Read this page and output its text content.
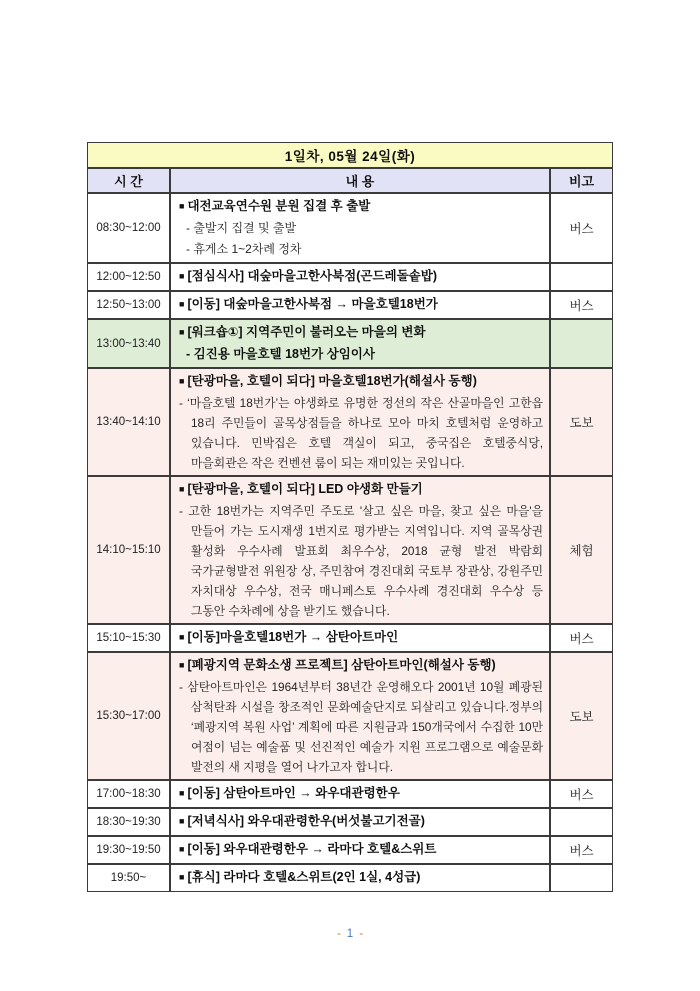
1일차, 05월 24일(화)		
시 간	내 용	비고
08:30~12:00	■ 대전교육연수원 분원 집결 후 출발
- 출발지 집결 및 출발
- 휴게소 1~2차례 정차	버스
12:00~12:50	■ [점심식사] 대숲마을고한사북점(곤드레돌솥밥)	

12:50~13:00	■ [이동] 대숲마을고한사북점 → 마을호텔18번가	버스
13:00~13:40	■ [워크숍①] 지역주민이 불러오는 마을의 변화
- 김진용 마을호텔 18번가 상임이사	

13:40~14:10	■ [탄광마을, 호텔이 되다] 마을호텔18번가(해설사 동행)
- ‘마을호텔 18번가’는 야생화로 유명한 정선의 작은 산골마을인 고한읍 18리 주민들이 골목상점들을 하나로 모아 마치 호텔처럼 운영하고 있습니다. 민박집은 호텔 객실이 되고, 중국집은 호텔중식당, 마을회관은 작은 컨벤션 룸이 되는 재미있는 곳입니다.	도보
14:10~15:10	■ [탄광마을, 호텔이 되다] LED 야생화 만들기
- 고한 18번가는 지역주민 주도로 '살고 싶은 마을, 찾고 싶은 마을'을 만들어 가는 도시재생 1번지로 평가받는 지역입니다. 지역 골목상권 활성화 우수사례 발표회 최우수상, 2018 균형 발전 박람회 국가균형발전 위원장 상, 주민참여 경진대회 국토부 장관상, 강원주민 자치대상 우수상, 전국 매니페스토 우수사례 경진대회 우수상 등 그동안 수차례에 상을 받기도 했습니다.	체험
15:10~15:30	■ [이동]마을호텔18번가 → 삼탄아트마인	버스
15:30~17:00	■ [폐광지역 문화소생 프로젝트] 삼탄아트마인(해설사 동행)
- 삼탄아트마인은 1964년부터 38년간 운영해오다 2001년 10월 폐광된 삼척탄좌 시설을 창조적인 문화예술단지로 되살리고 있습니다.정부의 ‘폐광지역 복원 사업’ 계획에 따른 지원금과 150개국에서 수집한 10만 여점이 넘는 예술품 및 선진적인 예술가 지원 프로그램으로 예술문화 발전의 새 지평을 열어 나가고자 합니다.	도보
17:00~18:30	■ [이동] 삼탄아트마인 → 와우대관령한우	버스
18:30~19:30	■ [저녁식사] 와우대관령한우(버섯불고기전골)	

19:30~19:50	■ [이동] 와우대관령한우 → 라마다 호텔&스위트	버스
19:50~	■ [휴식] 라마다 호텔&스위트(2인 1실, 4성급)	

- 1 -
